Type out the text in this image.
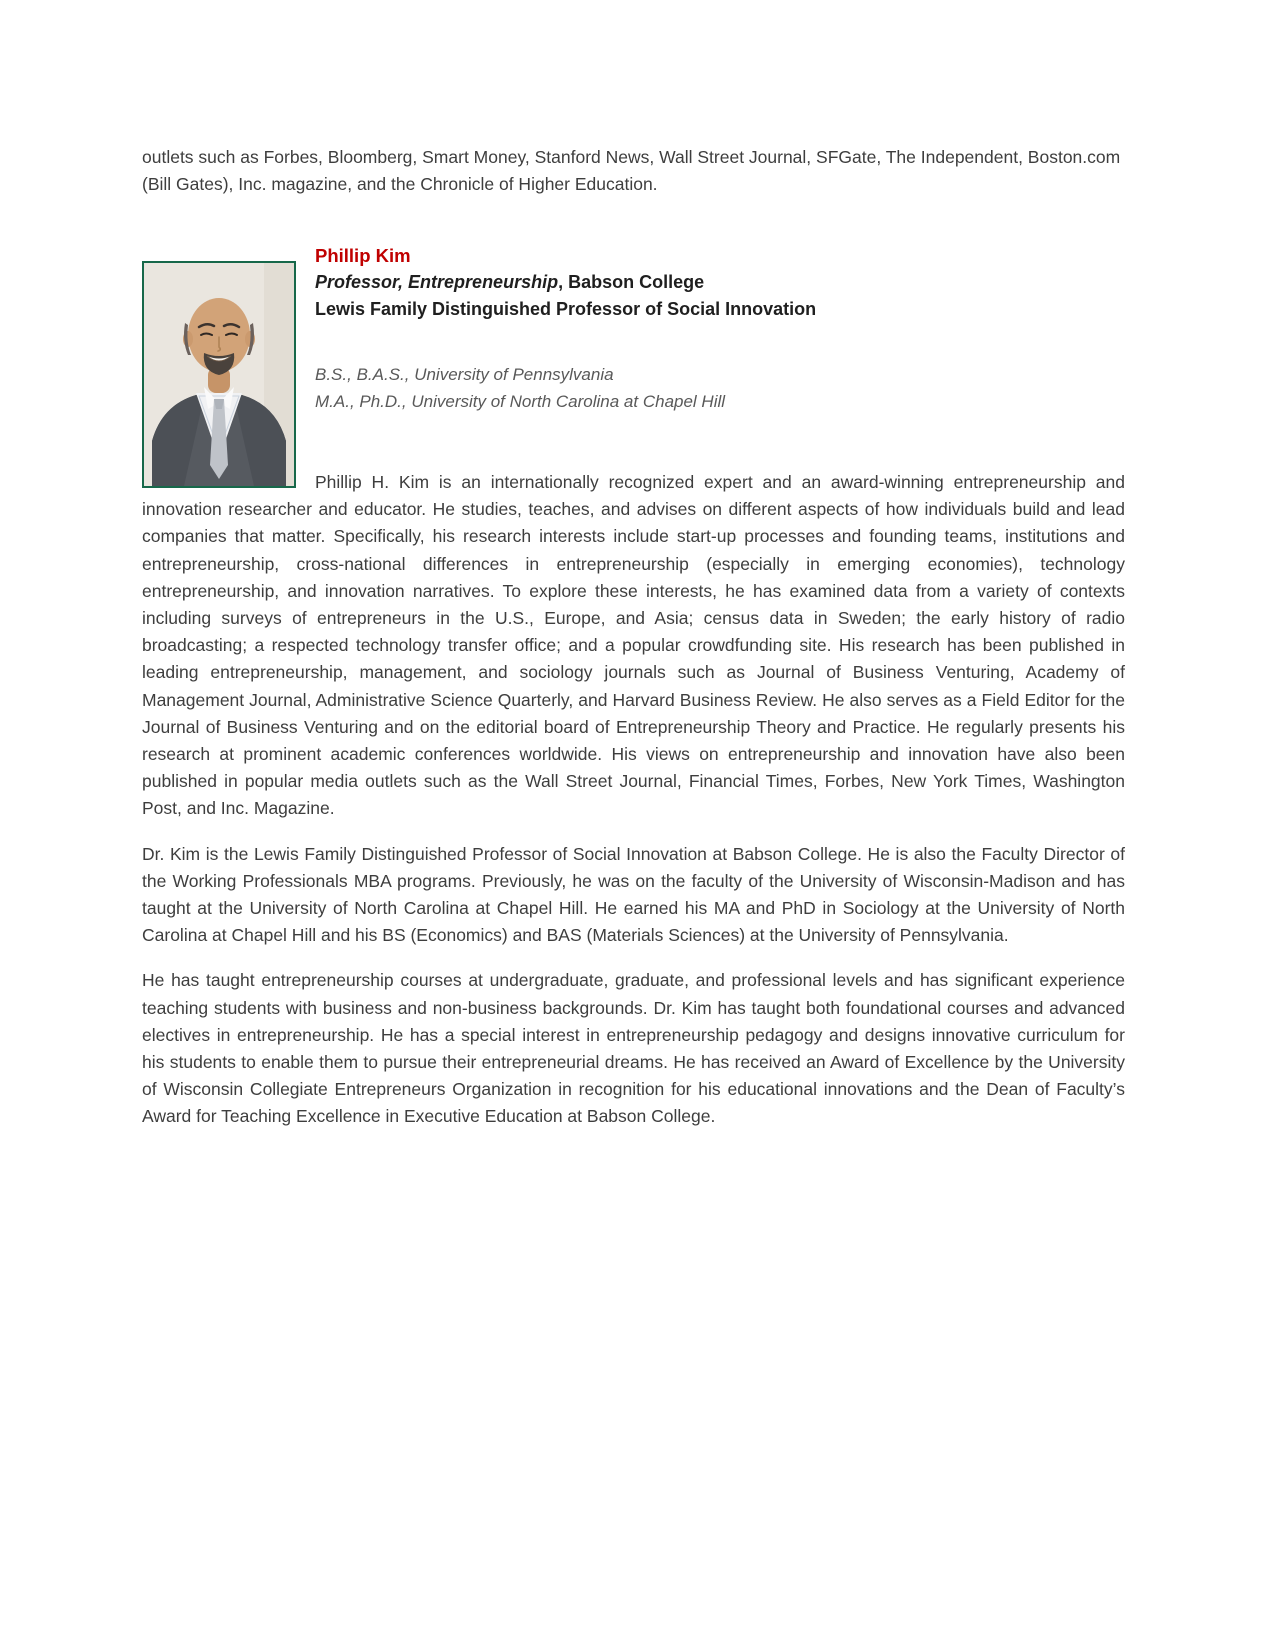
outlets such as Forbes, Bloomberg, Smart Money, Stanford News, Wall Street Journal, SFGate, The Independent, Boston.com (Bill Gates), Inc. magazine, and the Chronicle of Higher Education.
Phillip Kim
Professor, Entrepreneurship, Babson College
Lewis Family Distinguished Professor of Social Innovation
B.S., B.A.S., University of Pennsylvania
M.A., Ph.D., University of North Carolina at Chapel Hill

Phillip H. Kim is an internationally recognized expert and an award-winning entrepreneurship and innovation researcher and educator. He studies, teaches, and advises on different aspects of how individuals build and lead companies that matter. Specifically, his research interests include start-up processes and founding teams, institutions and entrepreneurship, cross-national differences in entrepreneurship (especially in emerging economies), technology entrepreneurship, and innovation narratives. To explore these interests, he has examined data from a variety of contexts including surveys of entrepreneurs in the U.S., Europe, and Asia; census data in Sweden; the early history of radio broadcasting; a respected technology transfer office; and a popular crowdfunding site. His research has been published in leading entrepreneurship, management, and sociology journals such as Journal of Business Venturing, Academy of Management Journal, Administrative Science Quarterly, and Harvard Business Review. He also serves as a Field Editor for the Journal of Business Venturing and on the editorial board of Entrepreneurship Theory and Practice. He regularly presents his research at prominent academic conferences worldwide. His views on entrepreneurship and innovation have also been published in popular media outlets such as the Wall Street Journal, Financial Times, Forbes, New York Times, Washington Post, and Inc. Magazine.

Dr. Kim is the Lewis Family Distinguished Professor of Social Innovation at Babson College. He is also the Faculty Director of the Working Professionals MBA programs. Previously, he was on the faculty of the University of Wisconsin-Madison and has taught at the University of North Carolina at Chapel Hill. He earned his MA and PhD in Sociology at the University of North Carolina at Chapel Hill and his BS (Economics) and BAS (Materials Sciences) at the University of Pennsylvania.

He has taught entrepreneurship courses at undergraduate, graduate, and professional levels and has significant experience teaching students with business and non-business backgrounds. Dr. Kim has taught both foundational courses and advanced electives in entrepreneurship. He has a special interest in entrepreneurship pedagogy and designs innovative curriculum for his students to enable them to pursue their entrepreneurial dreams. He has received an Award of Excellence by the University of Wisconsin Collegiate Entrepreneurs Organization in recognition for his educational innovations and the Dean of Faculty’s Award for Teaching Excellence in Executive Education at Babson College.
